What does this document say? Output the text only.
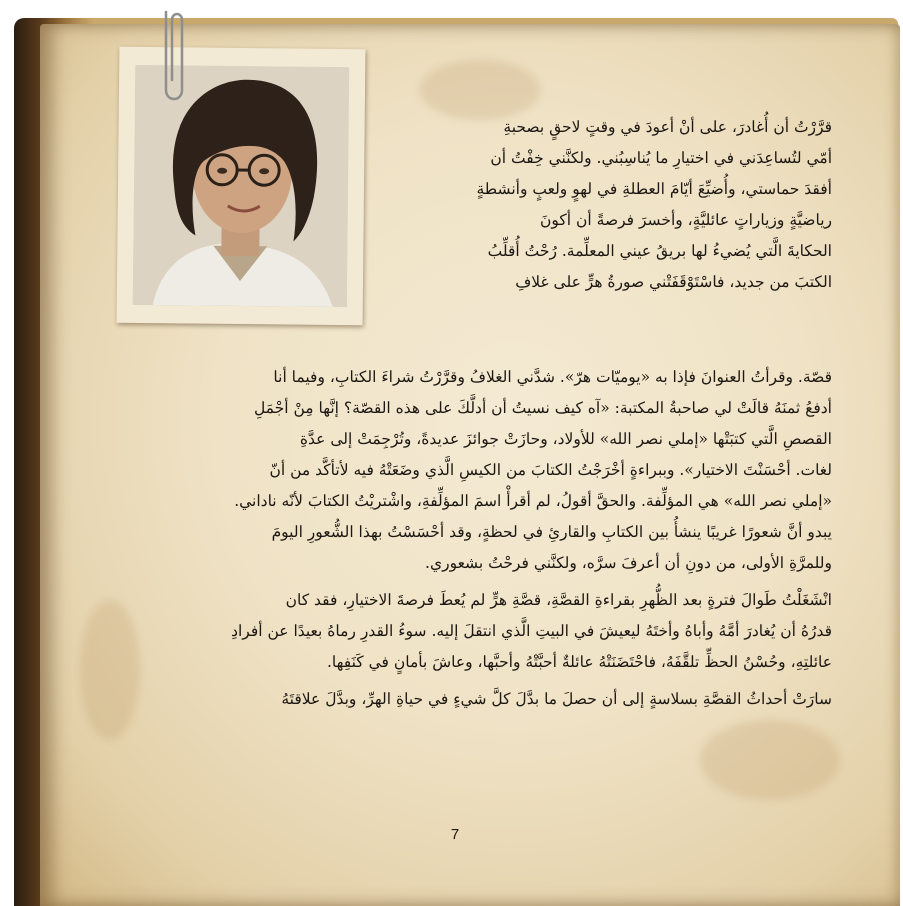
قرَّرْتُ أن أُغادرَ، على أنْ أعودَ في وقتٍ لاحقٍ بصحبةِ

أمّي لتُساعِدَني في اختيارِ ما يُناسِبُني. ولكنَّني خِفْتُ أن

أفقدَ حماستي، وأُضيِّعَ أيّامَ العطلةِ في لهوٍ ولعبٍ وأنشطةٍ

رياضيَّةٍ وزياراتٍ عائليَّةٍ، وأخسرَ فرصةً أن أكونَ

الحكايةَ الَّتي يُضيءُ لها بريقُ عيني المعلِّمة. رُحْتُ أُقلِّبُ

الكتبَ من جديد، فاسْتَوْقَفَتْني صورةُ هرٍّ على غلافِ

قصّة. وقرأتُ العنوانَ فإذا به «يوميّات هرّ». شدَّني الغلافُ وقرَّرْتُ شراءَ الكتابِ، وفيما أنا

أدفعُ ثمنَهُ قالَتْ لي صاحبةُ المكتبة: «آه كيف نسيتُ أن أدلَّكَ على هذه القصّة؟ إنَّها مِنْ أجْمَلِ

القصصِ الَّتي كتبَتْها «إملي نصر الله» للأولاد، وحازَتْ جوائزَ عديدةً، وتُرْجِمَتْ إلى عدَّةِ

لغات. أحْسَنْتَ الاختيار». وببراءةٍ أخْرَجْتُ الكتابَ من الكيسِ الَّذي وضَعَتْهُ فيه لأتأكَّد من أنّ

«إملي نصر الله» هي المؤلِّفة. والحقَّ أقولُ، لم أقرأْ اسمَ المؤلِّفةِ، واشْتريْتُ الكتابَ لأنّه ناداني.

يبدو أنَّ شعورًا غريبًا ينشأُ بين الكتابِ والقارئِ في لحظةٍ، وقد أحْسَسْتُ بهذا الشُّعورِ اليومَ

وللمرَّةِ الأولى، من دونِ أن أعرفَ سرَّه، ولكنَّني فرحْتُ بشعوري.

انْشَغَلْتُ طَوالَ فترةٍ بعد الظُّهرِ بقراءةِ القصَّةِ، قصَّةِ هرٍّ لم يُعطَ فرصةَ الاختيارِ، فقد كان

قدرُهُ أن يُغادرَ أمَّهُ وأباهُ وأختَهُ ليعيشَ في البيتِ الَّذي انتقلَ إليه. سوءُ القدرِ رماهُ بعيدًا عن أفرادِ

عائلتِهِ، وحُسْنُ الحظِّ تلقَّفَهُ، فاحْتَضَنَتْهُ عائلةٌ أحبَّتْهُ وأحبَّها، وعاشَ بأمانٍ في كَنَفِها.

سارَتْ أحداثُ القصَّةِ بسلاسةٍ إلى أن حصلَ ما بدَّلَ كلَّ شيءٍ في حياةِ الهرِّ، وبدَّلَ علاقتَهُ

7
